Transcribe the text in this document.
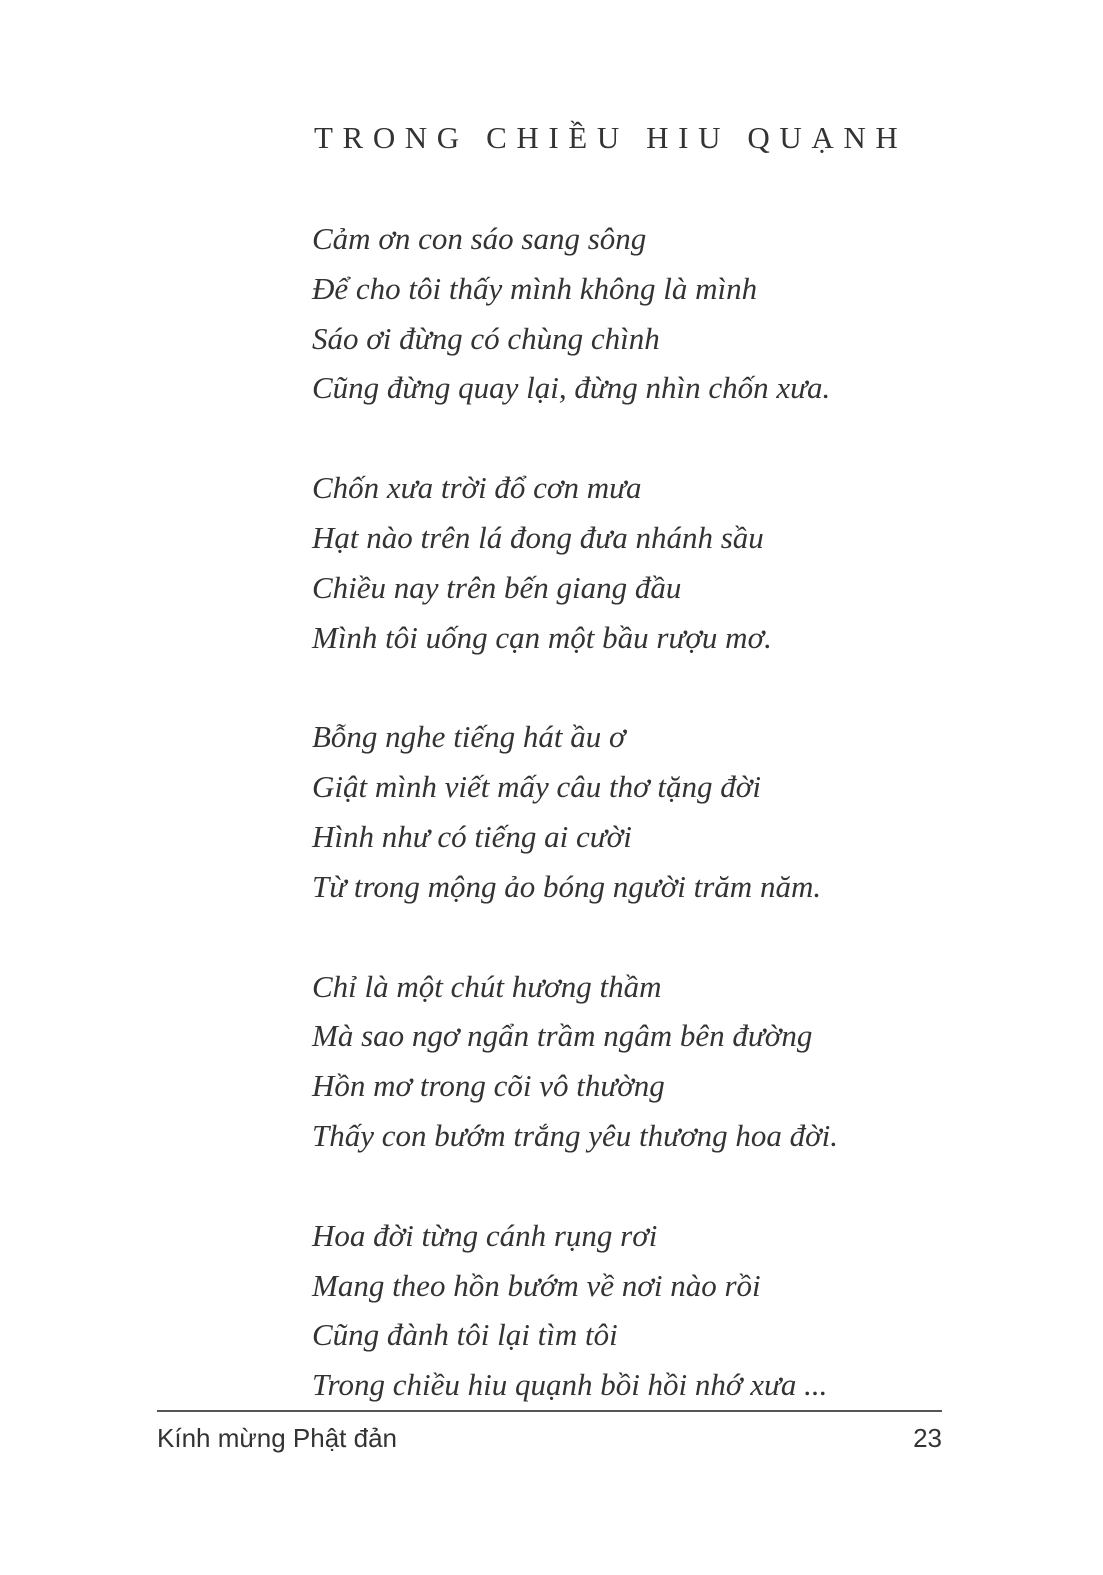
TRONG CHIỀU HIU QUẠNH
Cảm ơn con sáo sang sông
Để cho tôi thấy mình không là mình
Sáo ơi đừng có chùng chình
Cũng đừng quay lại, đừng nhìn chốn xưa.
Chốn xưa trời đổ cơn mưa
Hạt nào trên lá đong đưa nhánh sầu
Chiều nay trên bến giang đầu
Mình tôi uống cạn một bầu rượu mơ.
Bỗng nghe tiếng hát ầu ơ
Giật mình viết mấy câu thơ tặng đời
Hình như có tiếng ai cười
Từ trong mộng ảo bóng người trăm năm.
Chỉ là một chút hương thầm
Mà sao ngơ ngẩn trầm ngâm bên đường
Hồn mơ trong cõi vô thường
Thấy con bướm trắng yêu thương hoa đời.
Hoa đời từng cánh rụng rơi
Mang theo hồn bướm về nơi nào rồi
Cũng đành tôi lại tìm tôi
Trong chiều hiu quạnh bồi hồi nhớ xưa ...
Kính mừng Phật đản	23
